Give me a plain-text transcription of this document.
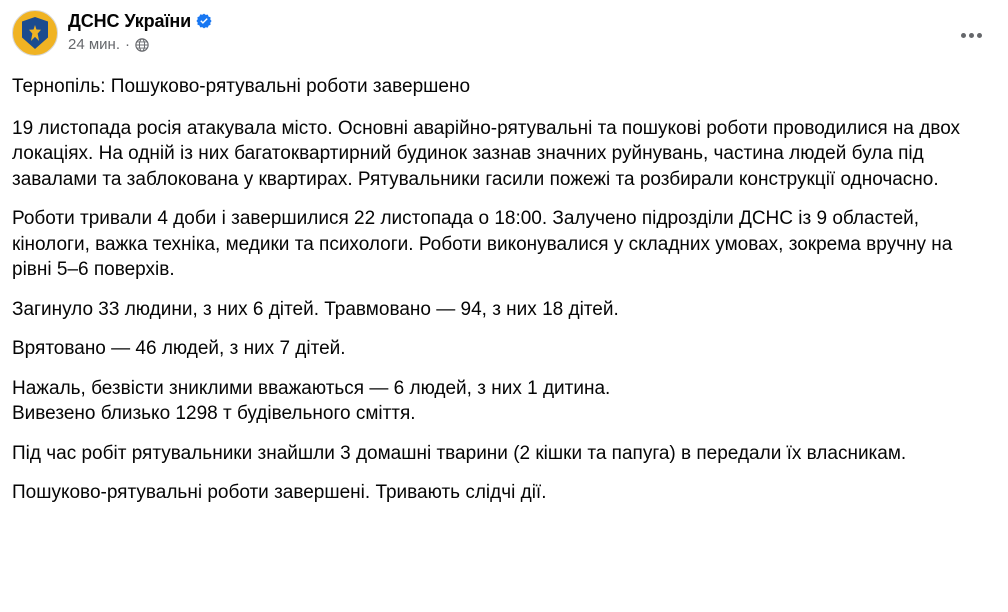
ДСНС України
24 мин. ·

Тернопіль: Пошуково-рятувальні роботи завершено

19 листопада росія атакувала місто. Основні аварійно-рятувальні та пошукові роботи проводилися на двох локаціях. На одній із них багатоквартирний будинок зазнав значних руйнувань, частина людей була під завалами та заблокована у квартирах. Рятувальники гасили пожежі та розбирали конструкції одночасно.

Роботи тривали 4 доби і завершилися 22 листопада о 18:00. Залучено підрозділи ДСНС із 9 областей, кінологи, важка техніка, медики та психологи. Роботи виконувалися у складних умовах, зокрема вручну на рівні 5–6 поверхів.

Загинуло 33 людини, з них 6 дітей. Травмовано — 94, з них 18 дітей.

Врятовано — 46 людей, з них 7 дітей.

Нажаль, безвісти зниклими вважаються — 6 людей, з них 1 дитина.

Вивезено близько 1298 т будівельного сміття.

Під час робіт рятувальники знайшли 3 домашні тварини (2 кішки та папуга) в передали їх власникам.

Пошуково-рятувальні роботи завершені. Тривають слідчі дії.
